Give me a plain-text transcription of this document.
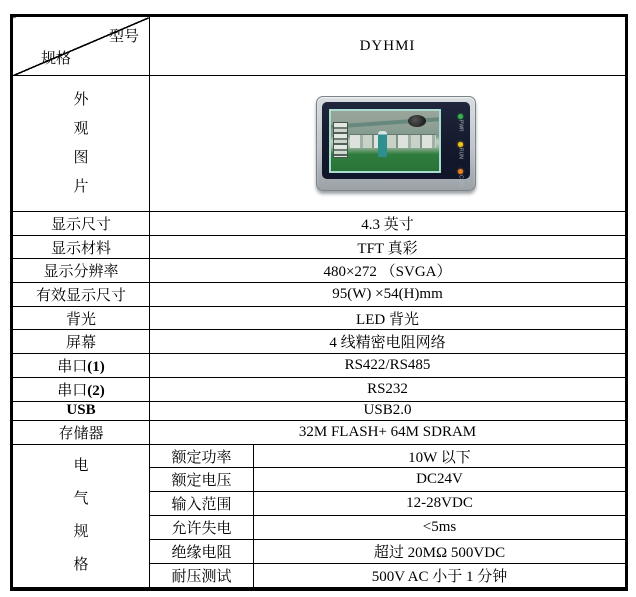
型号
规格	DYHMI	

外
观
图
片

PWR
RUN
COM

显示尺寸	4.3 英寸	
显示材料	TFT 真彩	
显示分辨率	480×272 （SVGA）	
有效显示尺寸	95(W) ×54(H)mm	
背光	LED 背光	
屏幕	4 线精密电阻网络	
串口(1)	RS422/RS485	
串口(2)	RS232	
USB	USB2.0	
存储器	32M FLASH+ 64M SDRAM	

电
气
规
格	额定功率	10W 以下
	额定电压	DC24V
	输入范围	12-28VDC
	允许失电	<5ms
	绝缘电阻	超过 20MΩ 500VDC
	耐压测试	500V AC 小于 1 分钟
